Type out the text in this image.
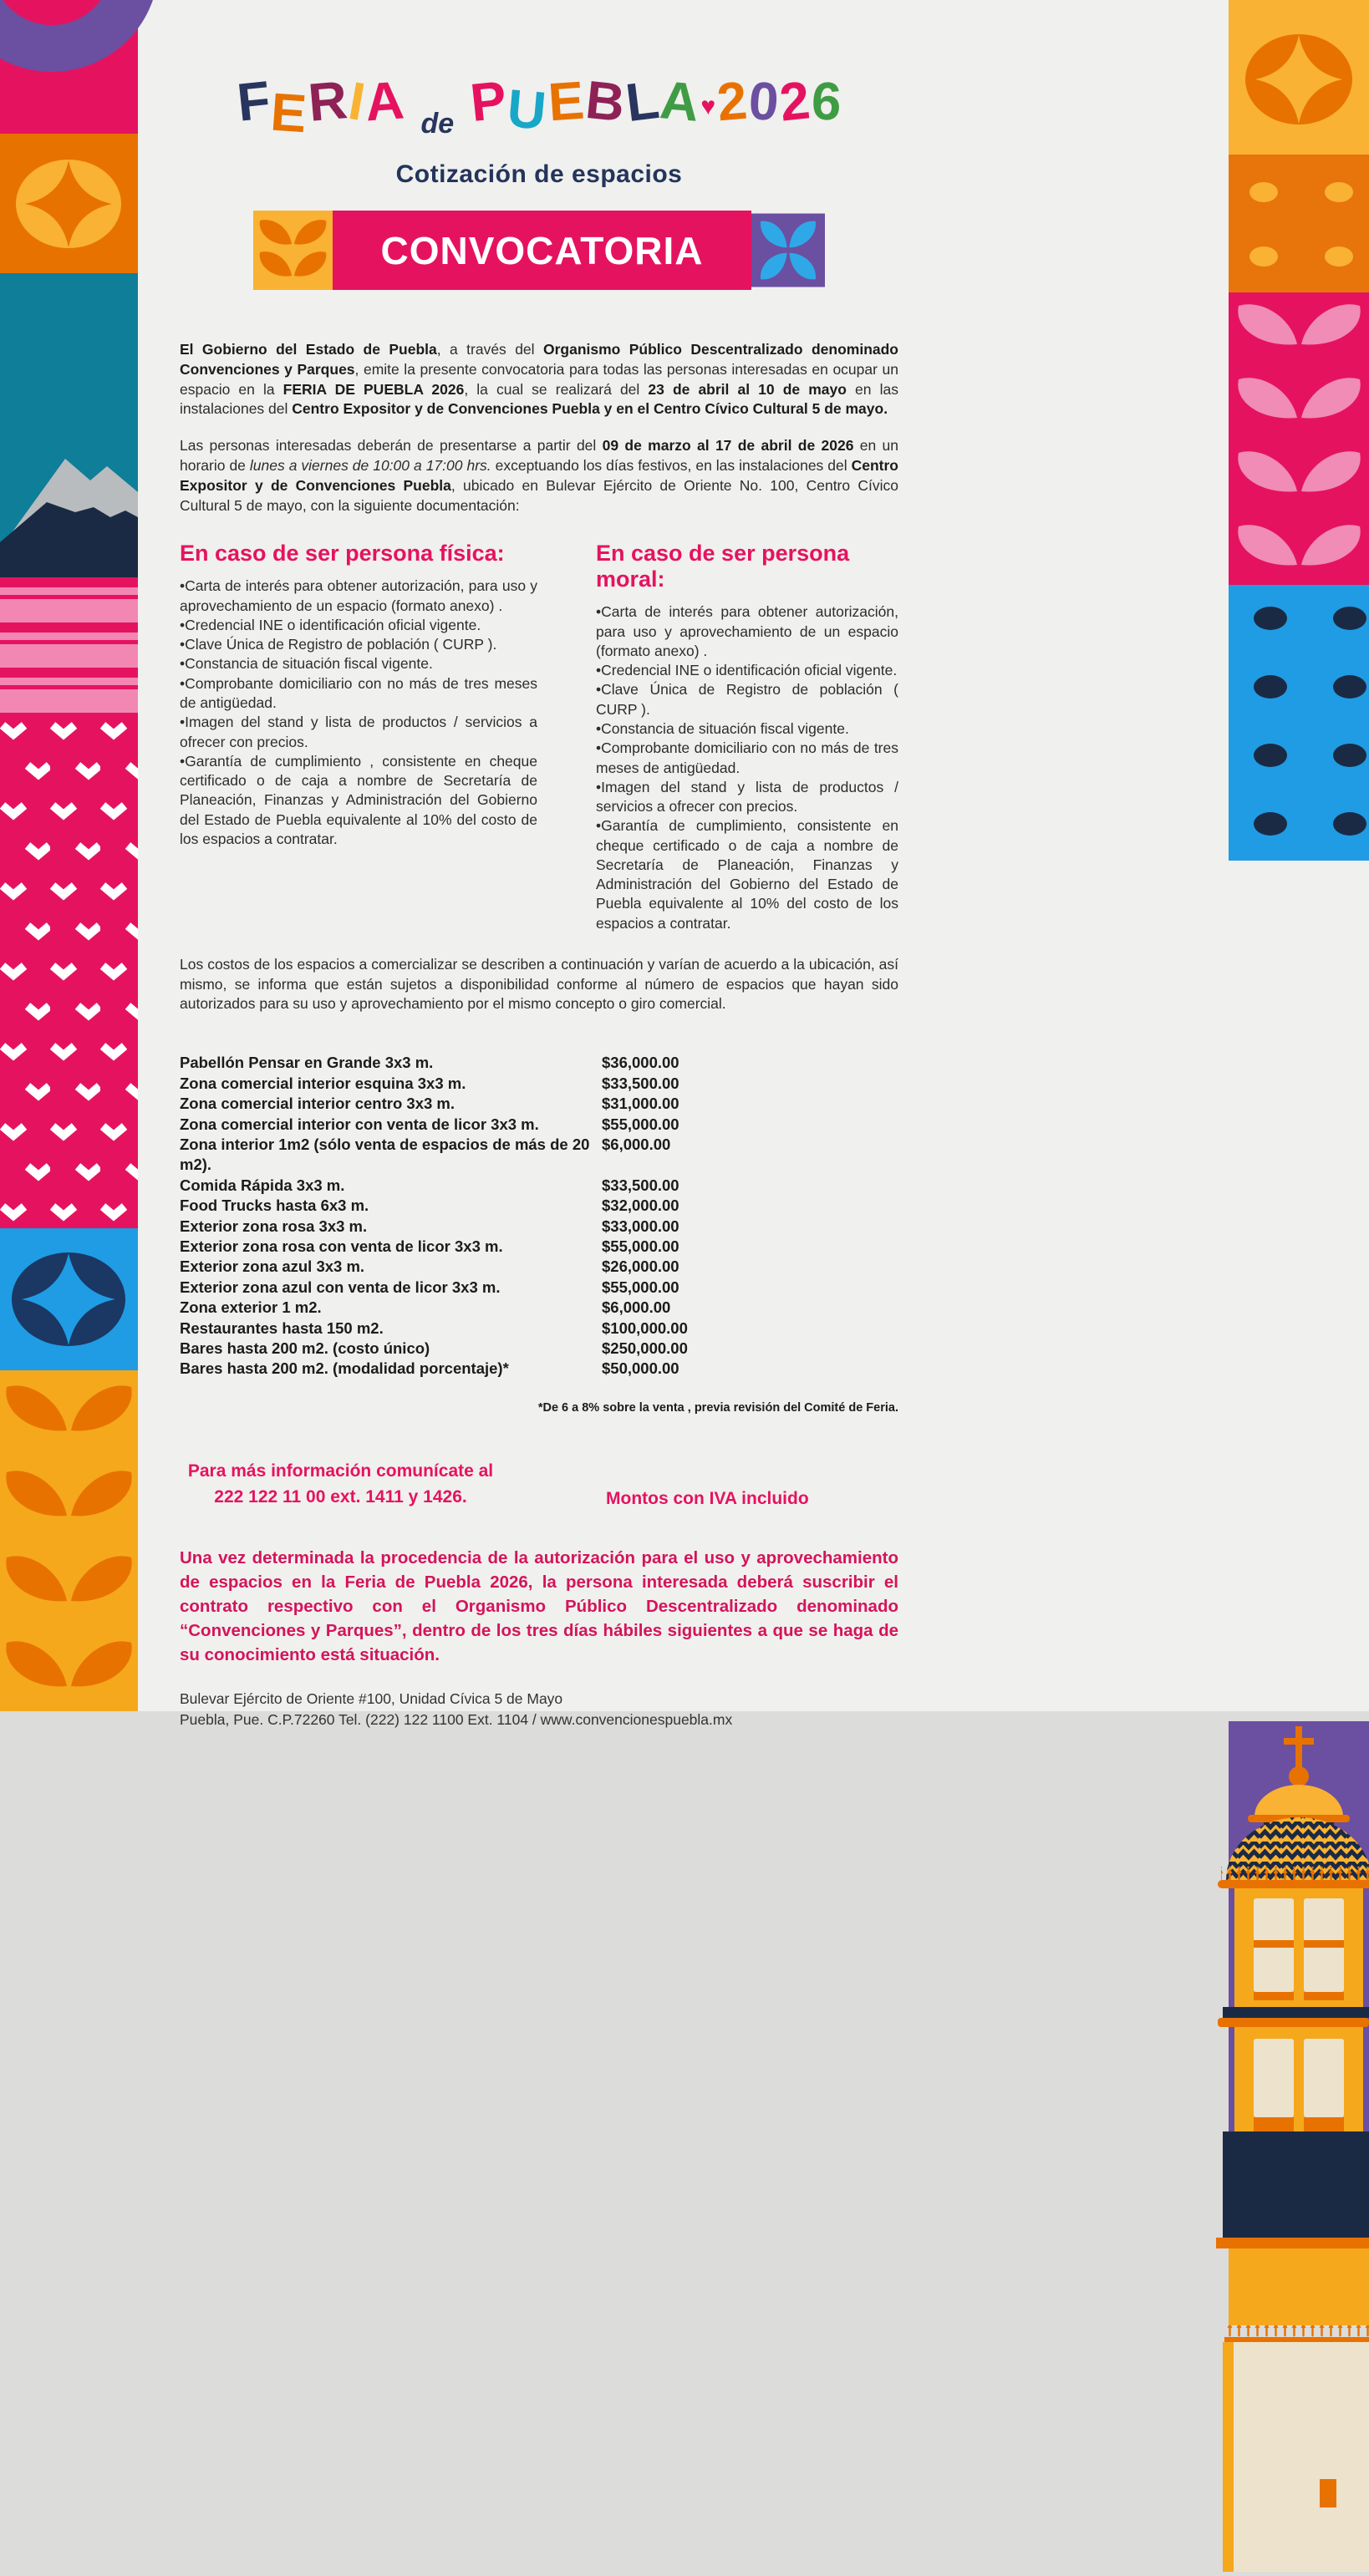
FERIA de PUEBLA♥2026
Cotización de espacios
CONVOCATORIA
El Gobierno del Estado de Puebla, a través del Organismo Público Descentralizado denominado Convenciones y Parques, emite la presente convocatoria para todas las personas interesadas en ocupar un espacio en la FERIA DE PUEBLA 2026, la cual se realizará del 23 de abril al 10 de mayo en las instalaciones del Centro Expositor y de Convenciones Puebla y en el Centro Cívico Cultural 5 de mayo.
Las personas interesadas deberán de presentarse a partir del 09 de marzo al 17 de abril de 2026 en un horario de lunes a viernes de 10:00 a 17:00 hrs. exceptuando los días festivos, en las instalaciones del Centro Expositor y de Convenciones Puebla, ubicado en Bulevar Ejército de Oriente No. 100, Centro Cívico Cultural 5 de mayo, con la siguiente documentación:
En caso de ser persona física:
•Carta de interés para obtener autorización, para uso y aprovechamiento de un espacio (formato anexo) .
•Credencial INE o identificación oficial vigente.
•Clave Única de Registro de población ( CURP ).
•Constancia de situación fiscal vigente.
•Comprobante domiciliario con no más de tres meses de antigüedad.
•Imagen del stand y lista de productos / servicios a ofrecer con precios.
•Garantía de cumplimiento , consistente en cheque certificado o de caja a nombre de Secretaría de Planeación, Finanzas y Administración del Gobierno del Estado de Puebla equivalente al 10% del costo de los espacios a contratar.
En caso de ser persona moral:
•Carta de interés para obtener autorización, para uso y aprovechamiento de un espacio (formato anexo) .
•Credencial INE o identificación oficial vigente.
•Clave Única de Registro de población ( CURP ).
•Constancia de situación fiscal vigente.
•Comprobante domiciliario con no más de tres meses de antigüedad.
•Imagen del stand y lista de productos / servicios a ofrecer con precios.
•Garantía de cumplimiento, consistente en cheque certificado o de caja a nombre de Secretaría de Planeación, Finanzas y Administración del Gobierno del Estado de Puebla equivalente al 10% del costo de los espacios a contratar.
Los costos de los espacios a comercializar se describen a continuación y varían de acuerdo a la ubicación, así mismo, se informa que están sujetos a disponibilidad conforme al número de espacios que hayan sido autorizados para su uso y aprovechamiento por el mismo concepto o giro comercial.
Pabellón Pensar en Grande 3x3 m.	$36,000.00
Zona comercial interior esquina 3x3 m.	$33,500.00
Zona comercial interior centro 3x3 m.	$31,000.00
Zona comercial interior con venta de licor 3x3 m.	$55,000.00
Zona interior 1m2 (sólo venta de espacios de más de 20 m2).
$6,000.00
Comida Rápida 3x3 m.	$33,500.00
Food Trucks hasta 6x3 m.	$32,000.00
Exterior zona rosa 3x3 m.	$33,000.00
Exterior zona rosa con venta de licor 3x3 m.	$55,000.00
Exterior zona azul 3x3 m.	$26,000.00
Exterior zona azul con venta de licor 3x3 m.	$55,000.00
Zona exterior 1 m2.	$6,000.00
Restaurantes hasta 150 m2.	$100,000.00
Bares hasta 200 m2. (costo único)	$250,000.00
Bares hasta 200 m2. (modalidad porcentaje)*	$50,000.00
*De 6 a 8% sobre la venta , previa revisión del Comité de Feria.
Para más información comunícate al
222 122 11 00 ext. 1411 y 1426.	Montos con IVA incluido
Una vez determinada la procedencia de la autorización para el uso y aprovechamiento de espacios en la Feria de Puebla 2026, la persona interesada deberá suscribir el contrato respectivo con el Organismo Público Descentralizado denominado “Convenciones y Parques”, dentro de los tres días hábiles siguientes a que se haga de su conocimiento está situación.
Bulevar Ejército de Oriente #100, Unidad Cívica 5 de Mayo
Puebla, Pue. C.P.72260 Tel. (222) 122 1100 Ext. 1104 / www.convencionespuebla.mx
